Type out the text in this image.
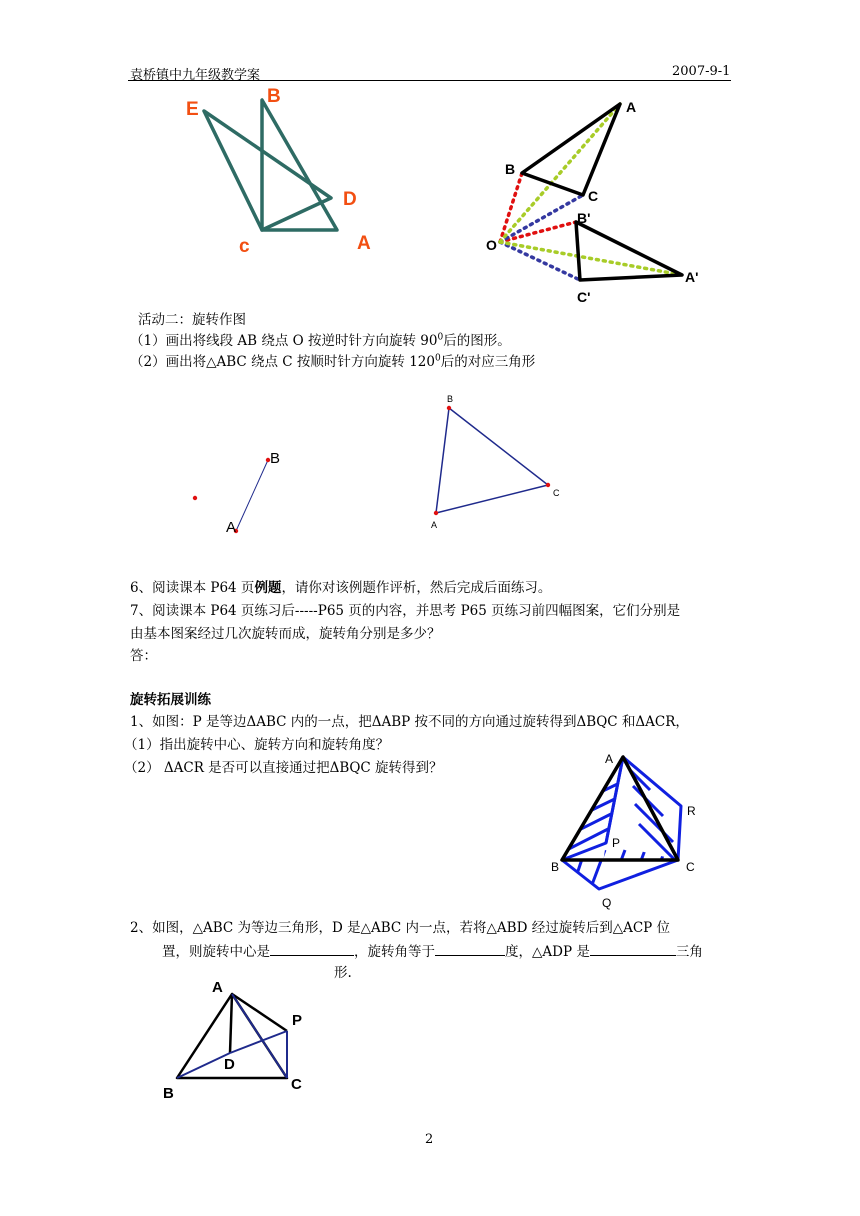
袁桥镇中九年级教学案	2007-9-1
E
B
D
c	A
A
B
C
O
B'
A'
C'
活动二：旋转作图
（1）画出将线段 AB 绕点 O 按逆时针方向旋转 $90^0$后的图形。
（2）画出将△ABC 绕点 C 按顺时针方向旋转 $120^0$后的对应三角形
B
A
B
C
A
6、阅读课本 P64 页例题，请你对该例题作评析，然后完成后面练习。
7、阅读课本 P64 页练习后-----P65 页的内容，并思考 P65 页练习前四幅图案，它们分别是
由基本图案经过几次旋转而成，旋转角分别是多少？
答：
旋转拓展训练
1、如图：P 是等边ΔABC 内的一点，把ΔABP 按不同的方向通过旋转得到ΔBQC 和ΔACR，
（1）指出旋转中心、旋转方向和旋转角度？
（2） ΔACR 是否可以直接通过把ΔBQC 旋转得到？
A
R
P
B	C
Q
2、如图，△ABC 为等边三角形，D 是△ABC 内一点，若将△ABD 经过旋转后到△ACP 位
置，则旋转中心是	，旋转角等于	度，△ADP 是	三角
形.
A
P
D
B
C
2
